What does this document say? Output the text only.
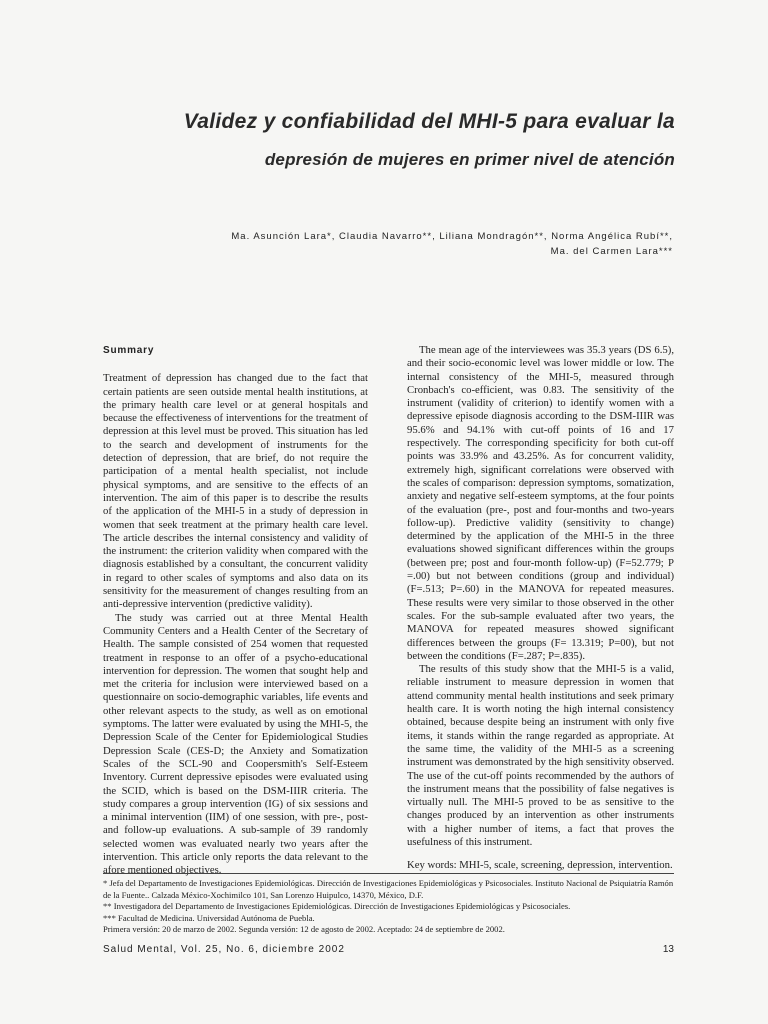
Validez y confiabilidad del MHI-5 para evaluar la
depresión de mujeres en primer nivel de atención
Ma. Asunción Lara*, Claudia Navarro**, Liliana Mondragón**, Norma Angélica Rubí**,
Ma. del Carmen Lara***

Summary

Treatment of depression has changed due to the fact that certain patients are seen outside mental health institutions, at the primary health care level or at general hospitals and because the effectiveness of interventions for the treatment of depression at this level must be proved. This situation has led to the search and development of instruments for the detection of depression, that are brief, do not require the participation of a mental health specialist, not include physical symptoms, and are sensitive to the effects of an intervention. The aim of this paper is to describe the results of the application of the MHI-5 in a study of depression in women that seek treatment at the primary health care level. The article describes the internal consistency and validity of the instrument: the criterion validity when compared with the diagnosis established by a consultant, the concurrent validity in regard to other scales of symptoms and also data on its sensitivity for the measurement of changes resulting from an anti-depressive intervention (predictive validity).

The study was carried out at three Mental Health Community Centers and a Health Center of the Secretary of Health. The sample consisted of 254 women that requested treatment in response to an offer of a psycho-educational intervention for depression. The women that sought help and met the criteria for inclusion were interviewed based on a questionnaire on socio-demographic variables, life events and other relevant aspects to the study, as well as on emotional symptoms. The latter were evaluated by using the MHI-5, the Depression Scale of the Center for Epidemiological Studies Depression Scale (CES-D; the Anxiety and Somatization Scales of the SCL-90 and Coopersmith's Self-Esteem Inventory. Current depressive episodes were evaluated using the SCID, which is based on the DSM-IIIR criteria. The study compares a group intervention (IG) of six sessions and a minimal intervention (IIM) of one session, with pre-, post- and follow-up evaluations. A sub-sample of 39 randomly selected women was evaluated nearly two years after the intervention. This article only reports the data relevant to the afore mentioned objectives.

The mean age of the interviewees was 35.3 years (DS 6.5), and their socio-economic level was lower middle or low. The internal consistency of the MHI-5, measured through Cronbach's co-efficient, was 0.83. The sensitivity of the instrument (validity of criterion) to identify women with a depressive episode diagnosis according to the DSM-IIIR was 95.6% and 94.1% with cut-off points of 16 and 17 respectively. The corresponding specificity for both cut-off points was 33.9% and 43.25%. As for concurrent validity, extremely high, significant correlations were observed with the scales of comparison: depression symptoms, somatization, anxiety and negative self-esteem symptoms, at the four points of the evaluation (pre-, post and four-months and two-years follow-up). Predictive validity (sensitivity to change) determined by the application of the MHI-5 in the three evaluations showed significant differences within the groups (between pre; post and four-month follow-up) (F=52.779; P =.00) but not between conditions (group and individual) (F=.513; P=.60) in the MANOVA for repeated measures. These results were very similar to those observed in the other scales. For the sub-sample evaluated after two years, the MANOVA for repeated measures showed significant differences between the groups (F= 13.319; P=00), but not between the conditions (F=.287; P=.835).

The results of this study show that the MHI-5 is a valid, reliable instrument to measure depression in women that attend community mental health institutions and seek primary health care. It is worth noting the high internal consistency obtained, because despite being an instrument with only five items, it stands within the range regarded as appropriate. At the same time, the validity of the MHI-5 as a screening instrument was demonstrated by the high sensitivity observed. The use of the cut-off points recommended by the authors of the instrument means that the possibility of false negatives is virtually null. The MHI-5 proved to be as sensitive to the changes produced by an intervention as other instruments with a higher number of items, a fact that proves the usefulness of this instrument.

Key words: MHI-5, scale, screening, depression, intervention.

* Jefa del Departamento de Investigaciones Epidemiológicas. Dirección de Investigaciones Epidemiológicas y Psicosociales. Instituto Nacional de Psiquiatría Ramón de la Fuente.. Calzada México-Xochimilco 101, San Lorenzo Huipulco, 14370, México, D.F.

** Investigadora del Departamento de Investigaciones Epidemiológicas. Dirección de Investigaciones Epidemiológicas y Psicosociales.

*** Facultad de Medicina. Universidad Autónoma de Puebla.

Primera versión: 20 de marzo de 2002. Segunda versión: 12 de agosto de 2002. Aceptado: 24 de septiembre de 2002.

Salud Mental, Vol. 25, No. 6, diciembre 2002	13
